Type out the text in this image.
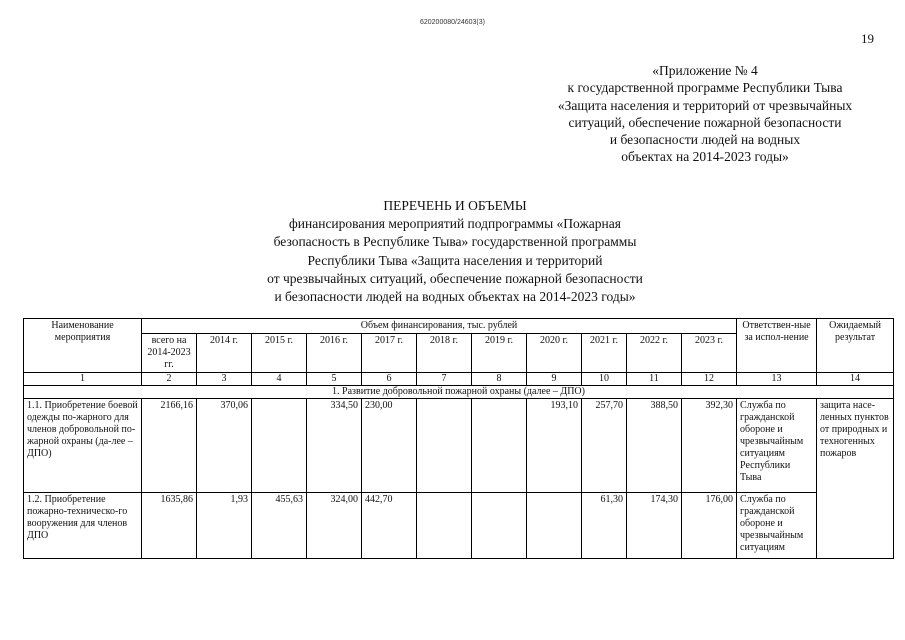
620200080/24603(3)
19
«Приложение № 4
к государственной программе Республики Тыва
«Защита населения и территорий от чрезвычайных
ситуаций, обеспечение пожарной безопасности
и безопасности людей на водных
объектах на 2014-2023 годы»
ПЕРЕЧЕНЬ И ОБЪЕМЫ
финансирования мероприятий подпрограммы «Пожарная
безопасность в Республике Тыва» государственной программы
Республики Тыва «Защита населения и территорий
от чрезвычайных ситуаций, обеспечение пожарной безопасности
и безопасности людей на водных объектах на 2014-2023 годы»
Наименование мероприятия	Объем финансирования, тыс. рублей											Ответствен-ные за испол-нение	Ожидаемый результат
	всего на 2014-2023 гг.	2014 г.	2015 г.	2016 г.	2017 г.	2018 г.	2019 г.	2020 г.	2021 г.	2022 г.	2023 г.		
1	2	3	4	5	6	7	8	9	10	11	12	13	14
1. Развитие добровольной пожарной охраны (далее – ДПО)													
1.1. Приобретение боевой одежды по-жарного для членов добровольной по-жарной охраны (да-лее – ДПО)	2166,16	370,06		334,50	230,00			193,10	257,70	388,50	392,30	Служба по гражданской обороне и чрезвычайным ситуациям Республики Тыва	защита насе-ленных пунктов от природных и техногенных пожаров
1.2. Приобретение пожарно-техническо-го вооружения для членов ДПО	1635,86	1,93	455,63	324,00	442,70				61,30	174,30	176,00	Служба по гражданской обороне и чрезвычайным ситуациям	
